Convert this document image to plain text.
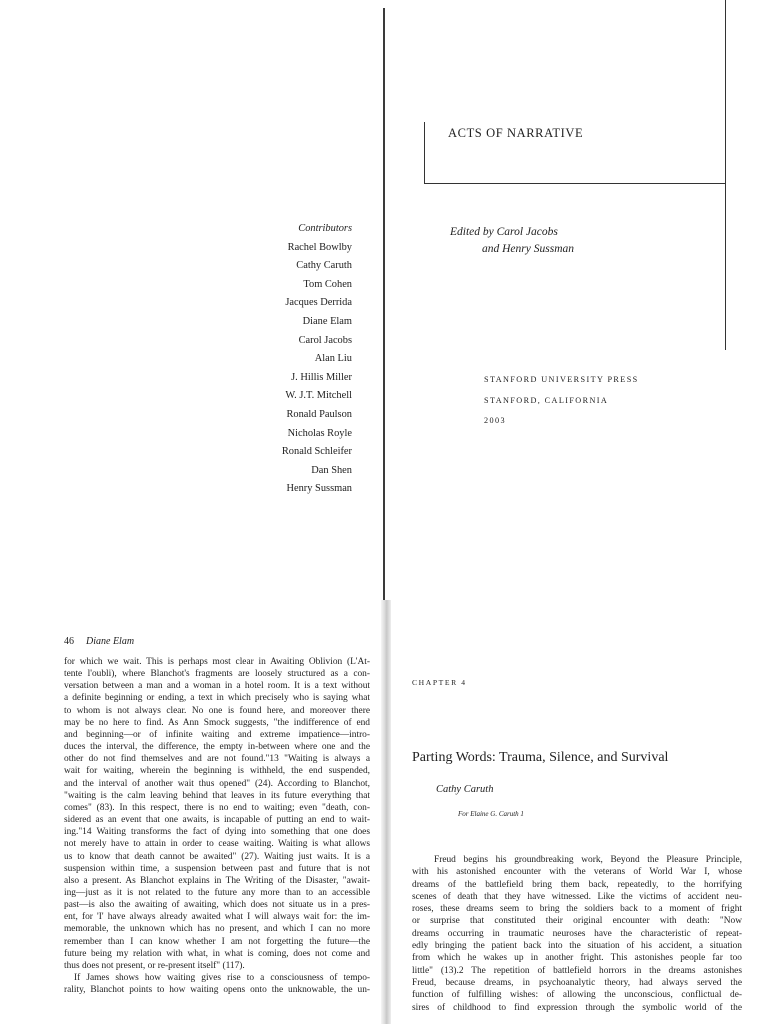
Contributors
Rachel Bowlby
Cathy Caruth
Tom Cohen
Jacques Derrida
Diane Elam
Carol Jacobs
Alan Liu
J. Hillis Miller
W. J.T. Mitchell
Ronald Paulson
Nicholas Royle
Ronald Schleifer
Dan Shen
Henry Sussman
ACTS OF NARRATIVE
Edited by Carol Jacobs
and Henry Sussman
STANFORD UNIVERSITY PRESS
STANFORD, CALIFORNIA
2003
46 Diane Elam
for which we wait. This is perhaps most clear in Awaiting Oblivion (L'At-
tente l'oubli), where Blanchot's fragments are loosely structured as a con-
versation between a man and a woman in a hotel room. It is a text without
a definite beginning or ending, a text in which precisely who is saying what
to whom is not always clear. No one is found here, and moreover there
may be no here to find. As Ann Smock suggests, "the indifference of end
and beginning—or of infinite waiting and extreme impatience—intro-
duces the interval, the difference, the empty in-between where one and the
other do not find themselves and are not found."13 "Waiting is always a
wait for waiting, wherein the beginning is withheld, the end suspended,
and the interval of another wait thus opened" (24). According to Blanchot,
"waiting is the calm leaving behind that leaves in its future everything that
comes" (83). In this respect, there is no end to waiting; even "death, con-
sidered as an event that one awaits, is incapable of putting an end to wait-
ing."14 Waiting transforms the fact of dying into something that one does
not merely have to attain in order to cease waiting. Waiting is what allows
us to know that death cannot be awaited" (27). Waiting just waits. It is a
suspension within time, a suspension between past and future that is not
also a present. As Blanchot explains in The Writing of the Disaster, "await-
ing—just as it is not related to the future any more than to an accessible
past—is also the awaiting of awaiting, which does not situate us in a pres-
ent, for 'I' have always already awaited what I will always wait for: the im-
memorable, the unknown which has no present, and which I can no more
remember than I can know whether I am not forgetting the future—the
future being my relation with what, in what is coming, does not come and
thus does not present, or re-present itself" (117).
If James shows how waiting gives rise to a consciousness of tempo-
rality, Blanchot points to how waiting opens onto the unknowable, the un-
CHAPTER 4
Parting Words: Trauma, Silence, and Survival
Cathy Caruth
For Elaine G. Caruth 1
Freud begins his groundbreaking work, Beyond the Pleasure Principle,
with his astonished encounter with the veterans of World War I, whose
dreams of the battlefield bring them back, repeatedly, to the horrifying
scenes of death that they have witnessed. Like the victims of accident neu-
roses, these dreams seem to bring the soldiers back to a moment of fright
or surprise that constituted their original encounter with death: "Now
dreams occurring in traumatic neuroses have the characteristic of repeat-
edly bringing the patient back into the situation of his accident, a situation
from which he wakes up in another fright. This astonishes people far too
little" (13).2 The repetition of battlefield horrors in the dreams astonishes
Freud, because dreams, in psychoanalytic theory, had always served the
function of fulfilling wishes: of allowing the unconscious, conflictual de-
sires of childhood to find expression through the symbolic world of the
